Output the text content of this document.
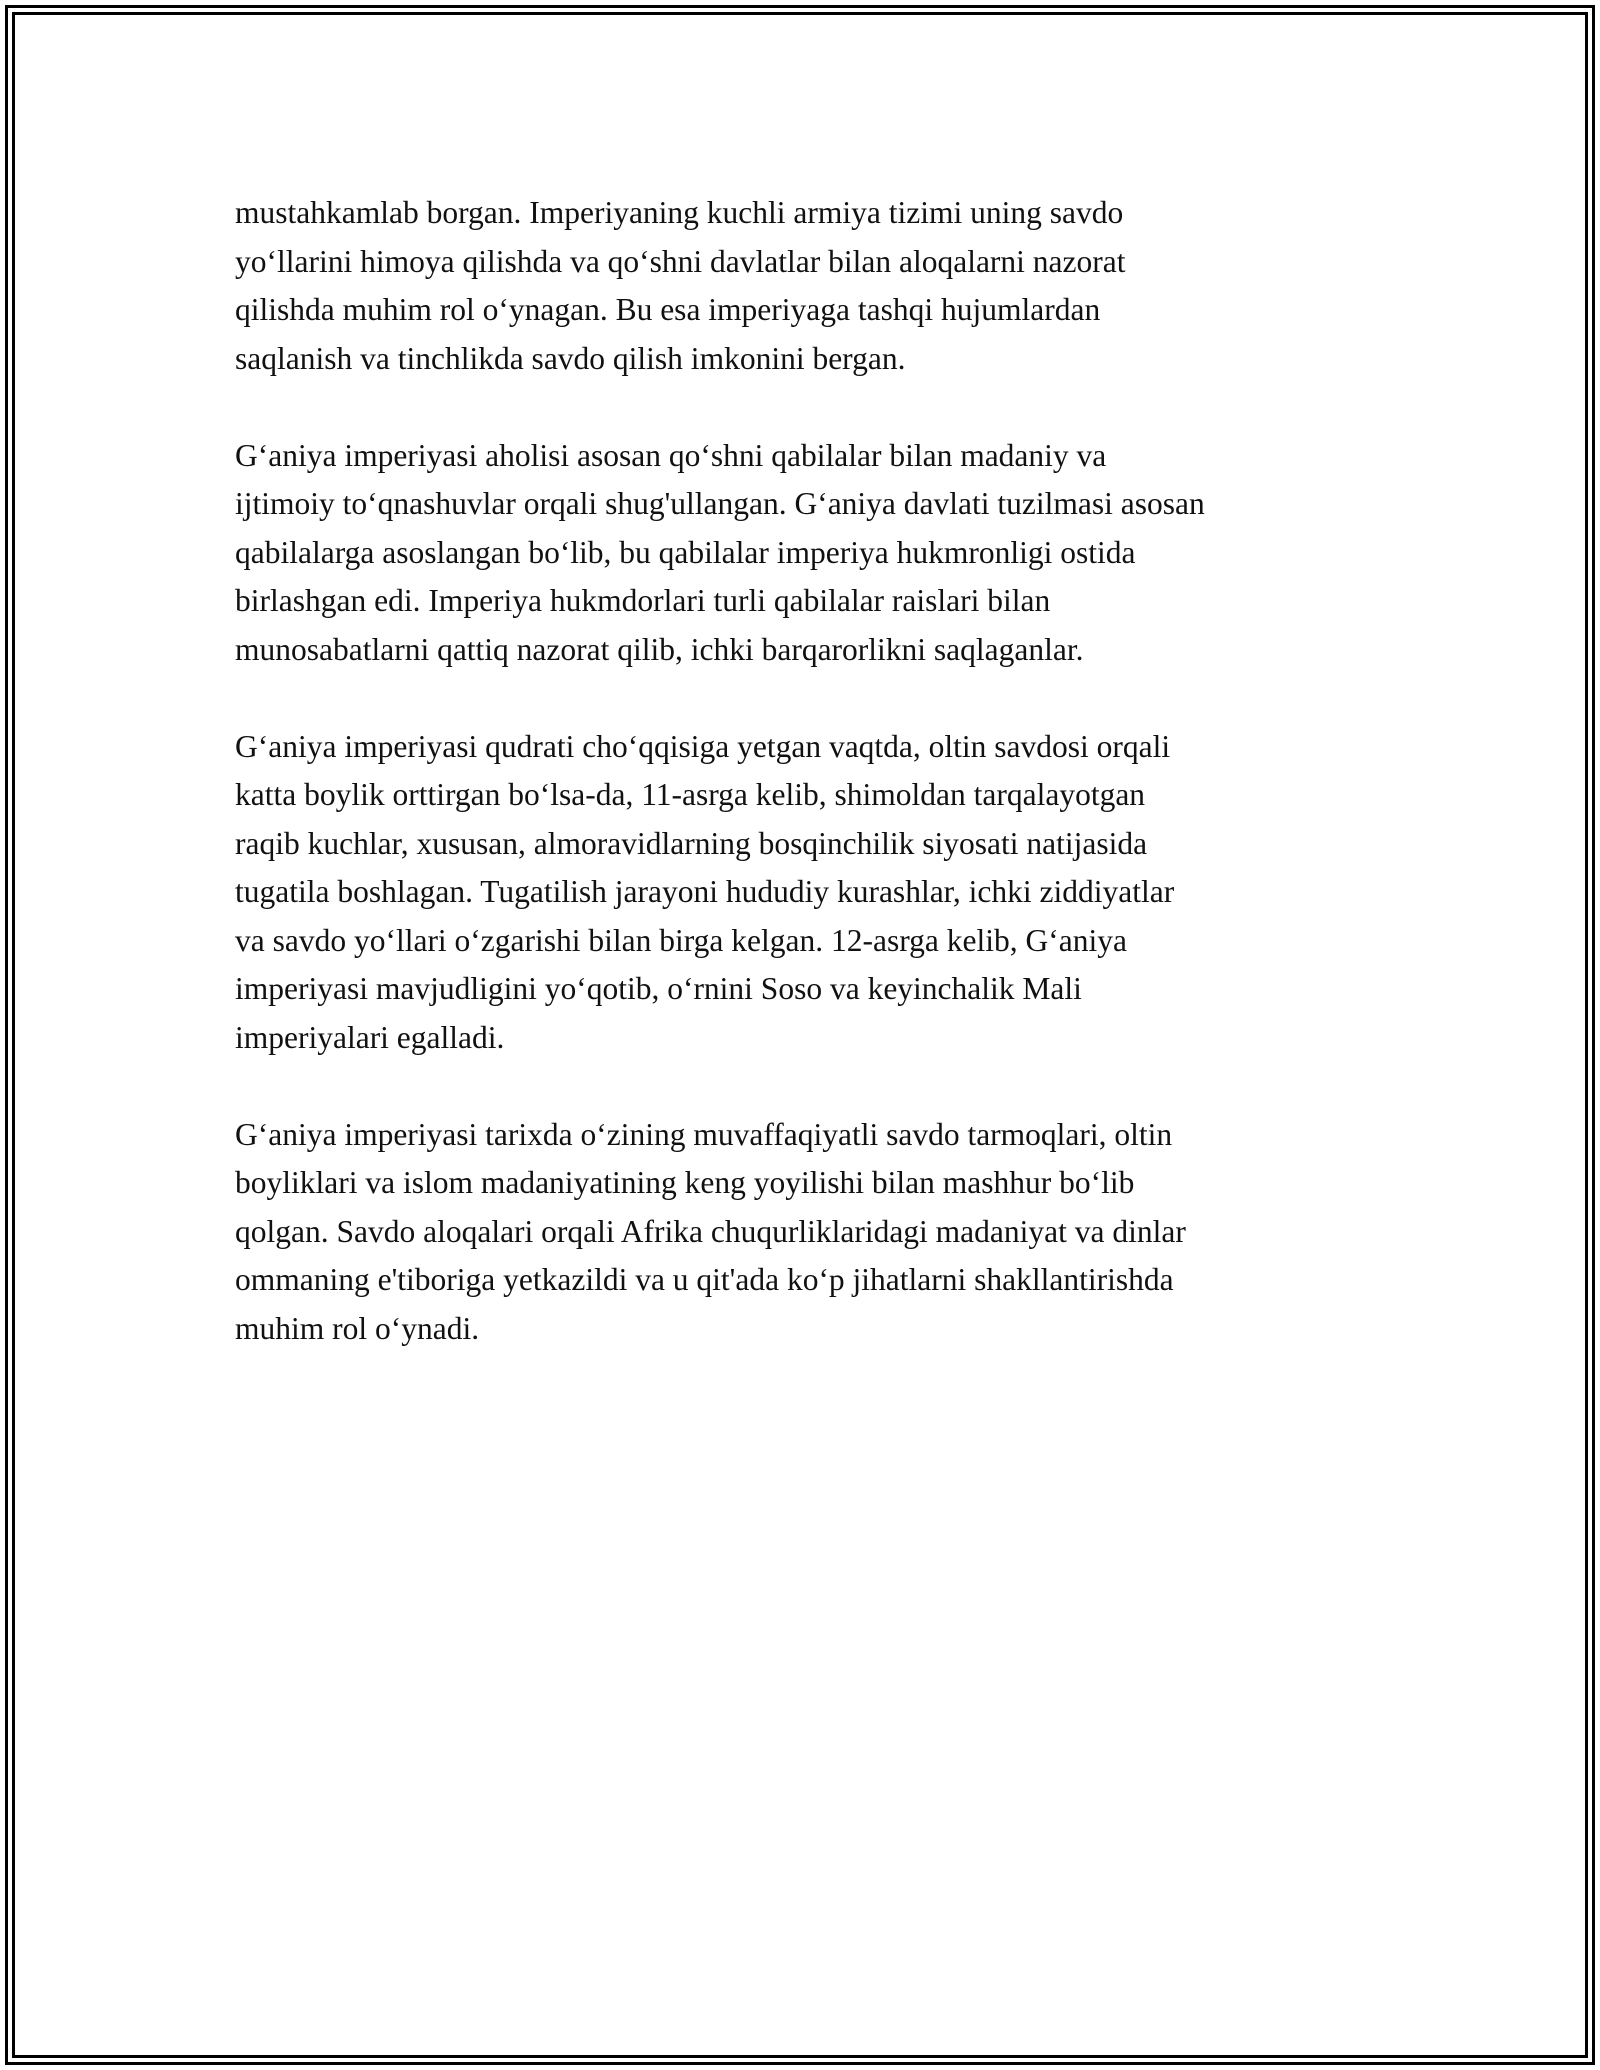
mustahkamlab borgan. Imperiyaning kuchli armiya tizimi uning savdo
yo‘llarini himoya qilishda va qo‘shni davlatlar bilan aloqalarni nazorat
qilishda muhim rol o‘ynagan. Bu esa imperiyaga tashqi hujumlardan
saqlanish va tinchlikda savdo qilish imkonini bergan.

G‘aniya imperiyasi aholisi asosan qo‘shni qabilalar bilan madaniy va
ijtimoiy to‘qnashuvlar orqali shug'ullangan. G‘aniya davlati tuzilmasi asosan
qabilalarga asoslangan bo‘lib, bu qabilalar imperiya hukmronligi ostida
birlashgan edi. Imperiya hukmdorlari turli qabilalar raislari bilan
munosabatlarni qattiq nazorat qilib, ichki barqarorlikni saqlaganlar.

G‘aniya imperiyasi qudrati cho‘qqisiga yetgan vaqtda, oltin savdosi orqali
katta boylik orttirgan bo‘lsa-da, 11-asrga kelib, shimoldan tarqalayotgan
raqib kuchlar, xususan, almoravidlarning bosqinchilik siyosati natijasida
tugatila boshlagan. Tugatilish jarayoni hududiy kurashlar, ichki ziddiyatlar
va savdo yo‘llari o‘zgarishi bilan birga kelgan. 12-asrga kelib, G‘aniya
imperiyasi mavjudligini yo‘qotib, o‘rnini Soso va keyinchalik Mali
imperiyalari egalladi.

G‘aniya imperiyasi tarixda o‘zining muvaffaqiyatli savdo tarmoqlari, oltin
boyliklari va islom madaniyatining keng yoyilishi bilan mashhur bo‘lib
qolgan. Savdo aloqalari orqali Afrika chuqurliklaridagi madaniyat va dinlar
ommaning e'tiboriga yetkazildi va u qit'ada ko‘p jihatlarni shakllantirishda
muhim rol o‘ynadi.
